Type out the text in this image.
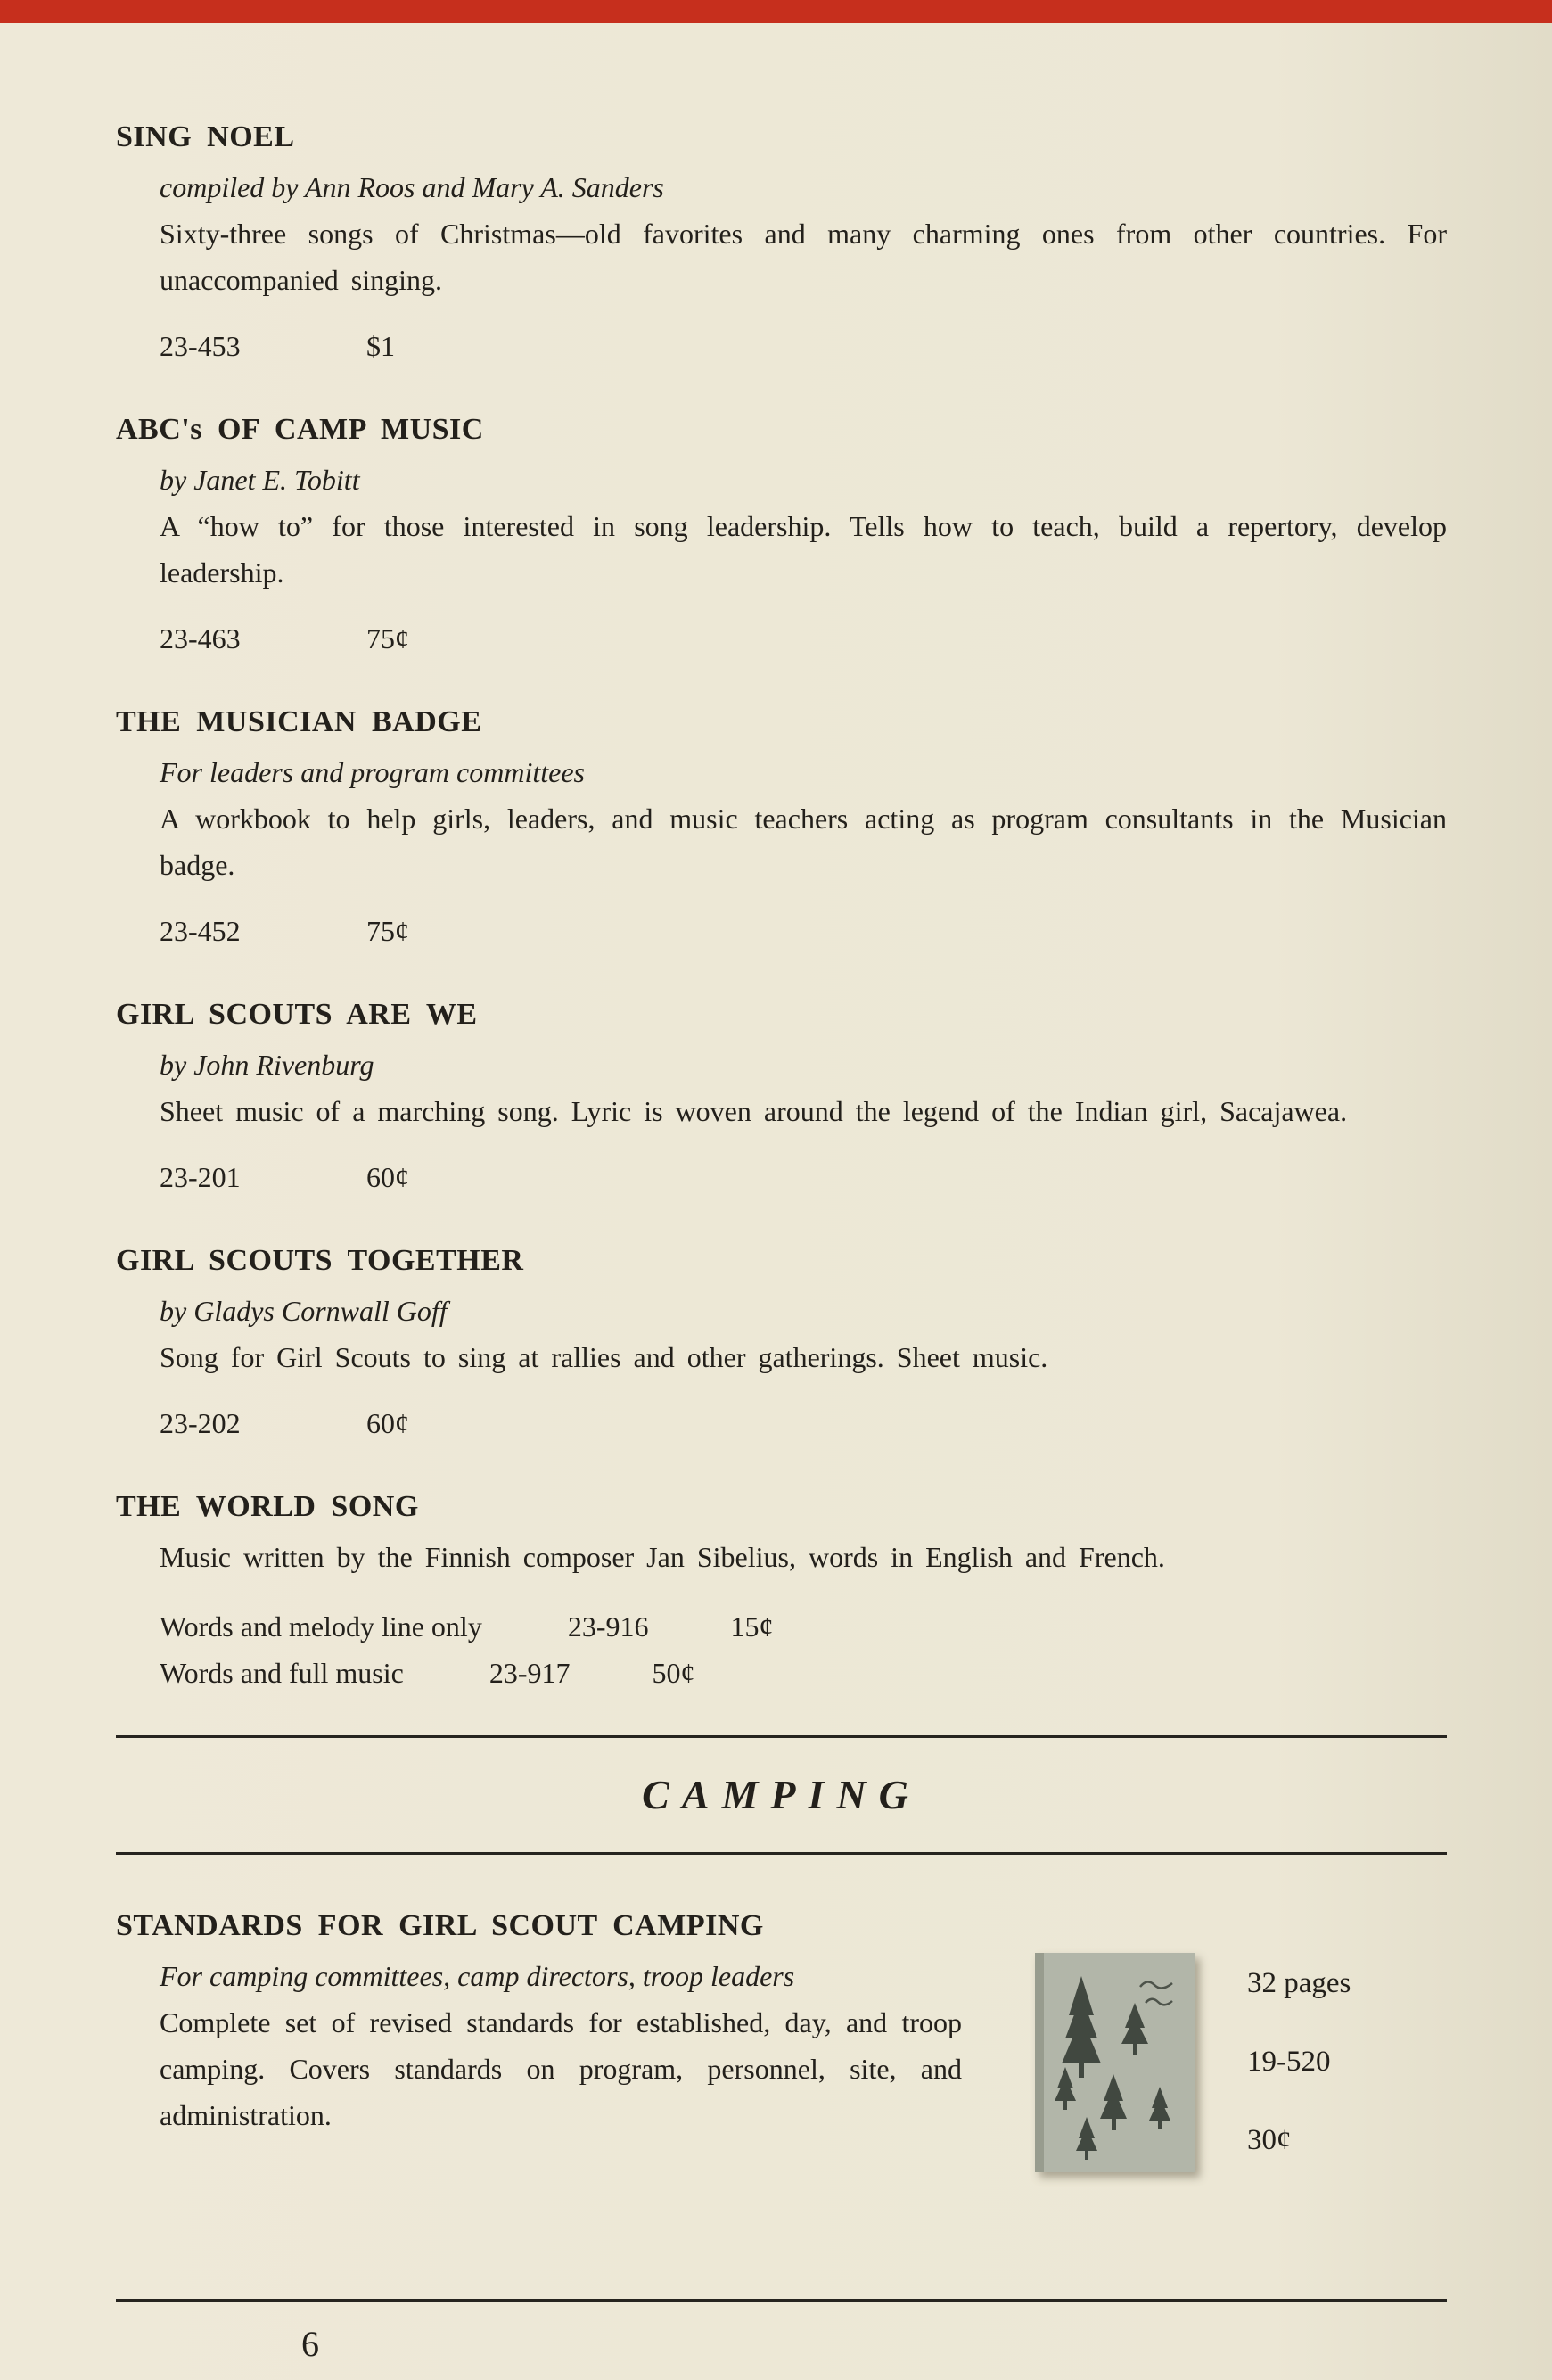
SING NOEL

compiled by Ann Roos and Mary A. Sanders

Sixty-three songs of Christmas—old favorites and many charming ones from other countries. For unaccompanied singing.

23-453	$1

ABC's OF CAMP MUSIC

by Janet E. Tobitt

A “how to” for those interested in song leadership. Tells how to teach, build a repertory, develop leadership.

23-463	75¢

THE MUSICIAN BADGE

For leaders and program committees

A workbook to help girls, leaders, and music teachers acting as program consultants in the Musician badge.

23-452	75¢

GIRL SCOUTS ARE WE

by John Rivenburg

Sheet music of a marching song. Lyric is woven around the legend of the Indian girl, Sacajawea.

23-201	60¢

GIRL SCOUTS TOGETHER

by Gladys Cornwall Goff

Song for Girl Scouts to sing at rallies and other gatherings. Sheet music.

23-202	60¢

THE WORLD SONG

Music written by the Finnish composer Jan Sibelius, words in English and French.

Words and melody line only	23-916	15¢

Words and full music	23-917	50¢

CAMPING
STANDARDS FOR GIRL SCOUT CAMPING

For camping committees, camp directors, troop leaders

Complete set of revised standards for established, day, and troop camping. Covers standards on program, personnel, site, and administration.

32 pages

19-520

30¢

6
